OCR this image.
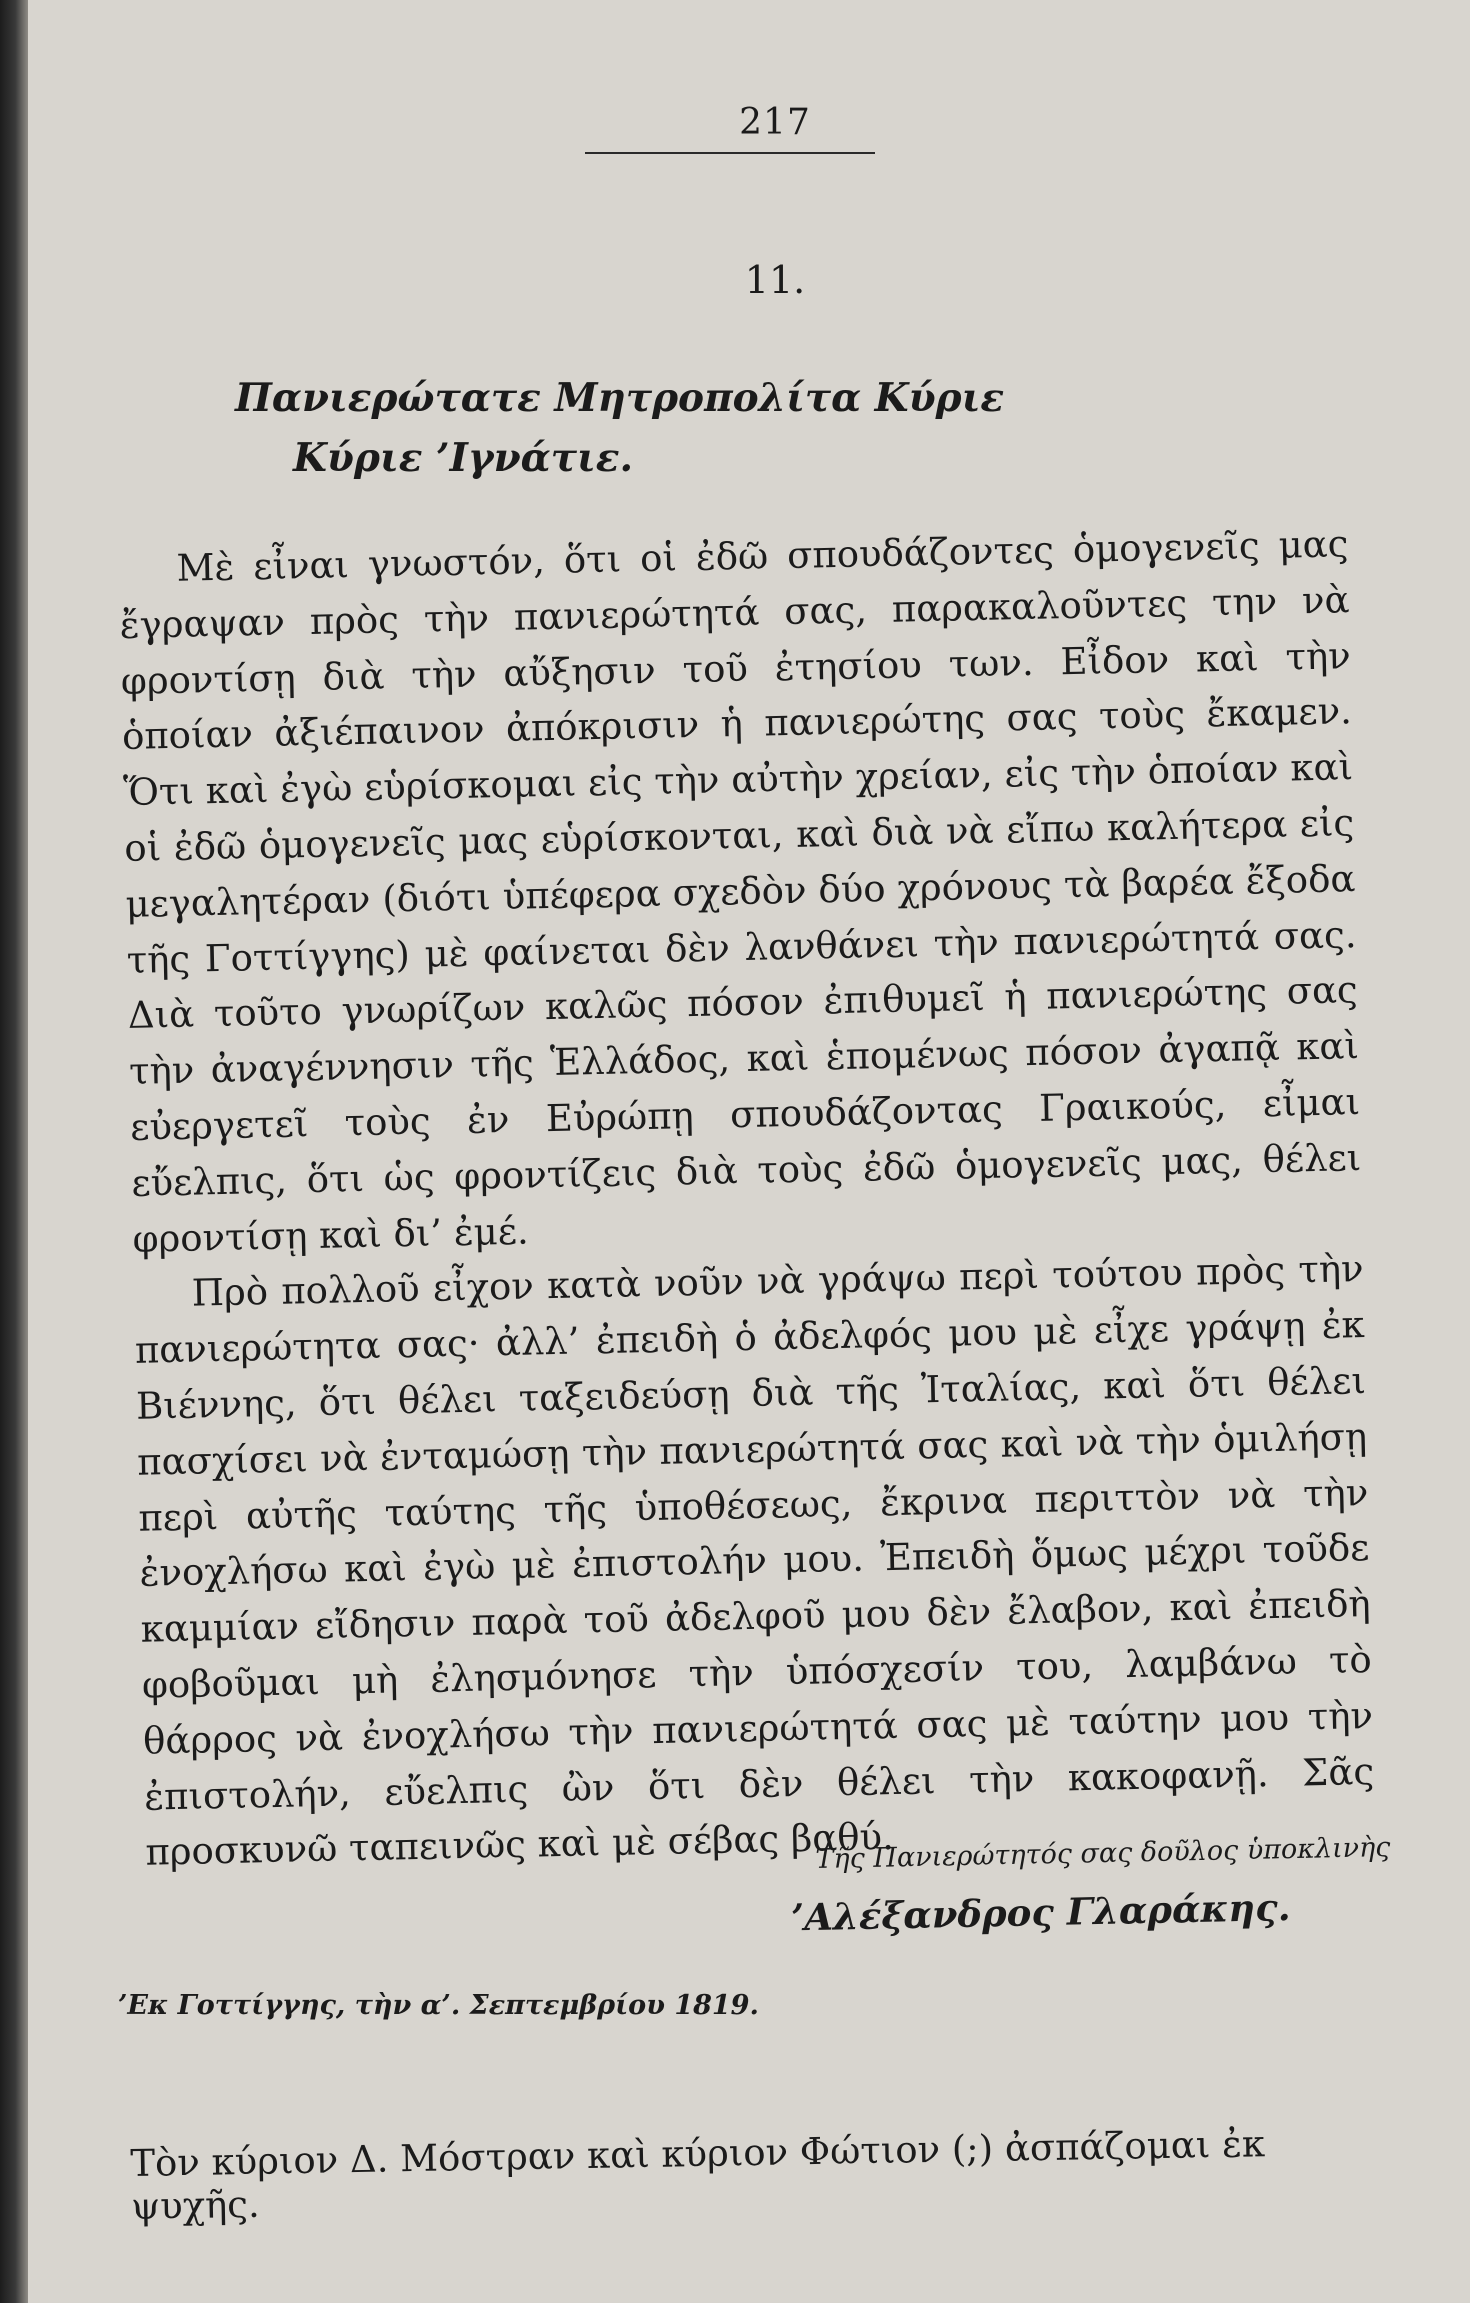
217
11.
Πανιερώτατε Μητροπολίτα Κύριε
Κύριε ’Ιγνάτιε.

Μὲ εἶναι γνωστόν, ὅτι οἱ ἐδῶ σπουδάζοντες ὁμογενεῖς μας ἔγραψαν πρὸς τὴν πανιερώτητά σας, παρακαλοῦντες την νὰ φροντίσῃ διὰ τὴν αὔξησιν τοῦ ἐτησίου των. Εἶδον καὶ τὴν ὁποίαν ἀξιέπαινον ἀπόκρισιν ἡ πανιερώτης σας τοὺς ἔκαμεν. Ὅτι καὶ ἐγὼ εὑρίσκομαι εἰς τὴν αὐτὴν χρείαν, εἰς τὴν ὁποίαν καὶ οἱ ἐδῶ ὁμογενεῖς μας εὑρίσκονται, καὶ διὰ νὰ εἴπω καλήτερα εἰς μεγαλητέραν (διότι ὑπέφερα σχεδὸν δύο χρόνους τὰ βαρέα ἔξοδα τῆς Γοττίγγης) μὲ φαίνεται δὲν λανθάνει τὴν πανιερώτητά σας. Διὰ τοῦτο γνωρίζων καλῶς πόσον ἐπιθυμεῖ ἡ πανιερώτης σας τὴν ἀναγέννησιν τῆς Ἑλλάδος, καὶ ἑπομένως πόσον ἀγαπᾷ καὶ εὐεργετεῖ τοὺς ἐν Εὐρώπῃ σπουδάζοντας Γραικούς, εἶμαι εὔελπις, ὅτι ὡς φροντίζεις διὰ τοὺς ἐδῶ ὁμογενεῖς μας, θέλει φροντίσῃ καὶ δι’ ἐμέ.

Πρὸ πολλοῦ εἶχον κατὰ νοῦν νὰ γράψω περὶ τούτου πρὸς τὴν πανιερώτητα σας· ἀλλ’ ἐπειδὴ ὁ ἀδελφός μου μὲ εἶχε γράψῃ ἐκ Βιέννης, ὅτι θέλει ταξειδεύσῃ διὰ τῆς Ἰταλίας, καὶ ὅτι θέλει πασχίσει νὰ ἐνταμώσῃ τὴν πανιερώτητά σας καὶ νὰ τὴν ὁμιλήσῃ περὶ αὐτῆς ταύτης τῆς ὑποθέσεως, ἔκρινα περιττὸν νὰ τὴν ἐνοχλήσω καὶ ἐγὼ μὲ ἐπιστολήν μου. Ἐπειδὴ ὅμως μέχρι τοῦδε καμμίαν εἴδησιν παρὰ τοῦ ἀδελφοῦ μου δὲν ἔλαβον, καὶ ἐπειδὴ φοβοῦμαι μὴ ἐλησμόνησε τὴν ὑπόσχεσίν του, λαμβάνω τὸ θάρρος νὰ ἐνοχλήσω τὴν πανιερώτητά σας μὲ ταύτην μου τὴν ἐπιστολήν, εὔελπις ὢν ὅτι δὲν θέλει τὴν κακοφανῇ. Σᾶς προσκυνῶ ταπεινῶς καὶ μὲ σέβας βαθύ.

Τῆς Πανιερώτητός σας δοῦλος ὑποκλινὴς
’Αλέξανδρος Γλαράκης.
’Εκ Γοττίγγης, τὴν α’. Σεπτεμβρίου 1819.
Τὸν κύριον Δ. Μόστραν καὶ κύριον Φώτιον (;) ἀσπάζομαι ἐκ ψυχῆς.
